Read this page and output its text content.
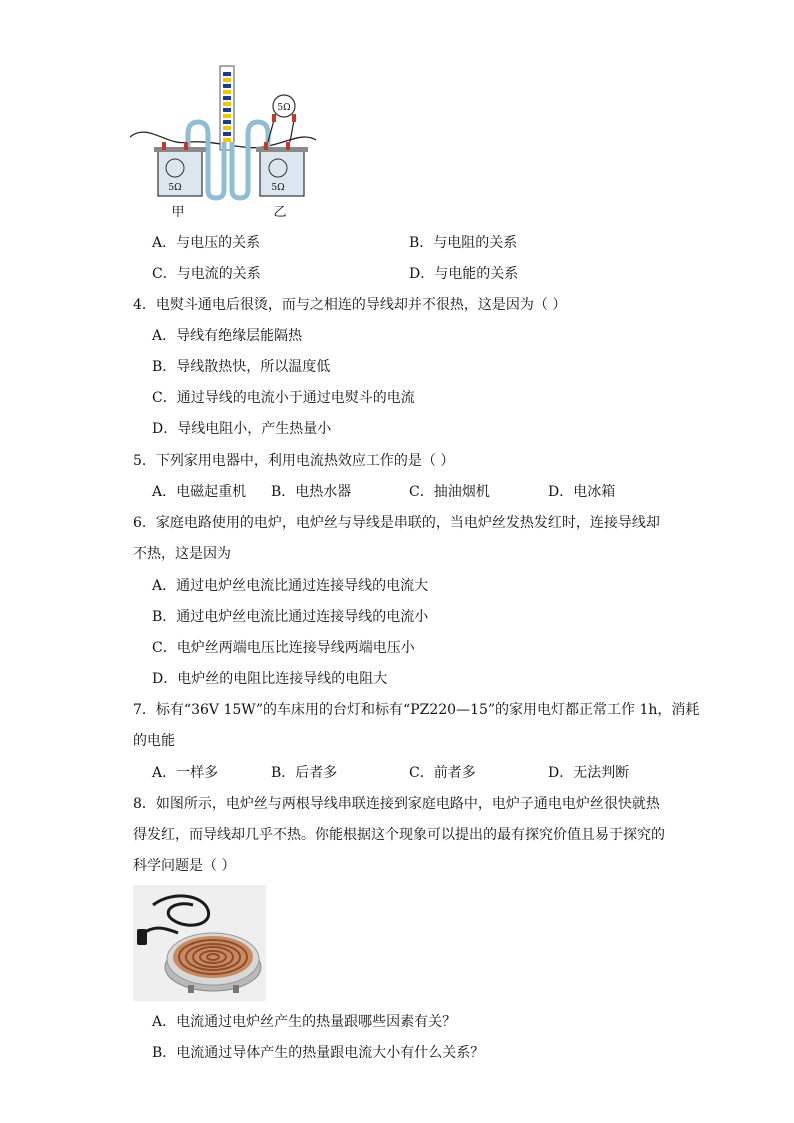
5Ω	5Ω
5Ω
甲	乙
A．与电压的关系	B．与电阻的关系
C．与电流的关系	D．与电能的关系
4．电熨斗通电后很烫，而与之相连的导线却并不很热，这是因为（ ）
A．导线有绝缘层能隔热
B．导线散热快，所以温度低
C．通过导线的电流小于通过电熨斗的电流
D．导线电阻小，产生热量小
5．下列家用电器中，利用电流热效应工作的是（ ）
A．电磁起重机 B．电热水器	C．抽油烟机	D．电冰箱
6．家庭电路使用的电炉，电炉丝与导线是串联的，当电炉丝发热发红时，连接导线却
不热，这是因为
A．通过电炉丝电流比通过连接导线的电流大
B．通过电炉丝电流比通过连接导线的电流小
C．电炉丝两端电压比连接导线两端电压小
D．电炉丝的电阻比连接导线的电阻大
7．标有“36V 15W”的车床用的台灯和标有“PZ220—15”的家用电灯都正常工作 1h，消耗
的电能
A．一样多	B．后者多	C．前者多	D．无法判断
8．如图所示，电炉丝与两根导线串联连接到家庭电路中，电炉子通电电炉丝很快就热
得发红，而导线却几乎不热。你能根据这个现象可以提出的最有探究价值且易于探究的
科学问题是（ ）
A．电流通过电炉丝产生的热量跟哪些因素有关？
B．电流通过导体产生的热量跟电流大小有什么关系？
